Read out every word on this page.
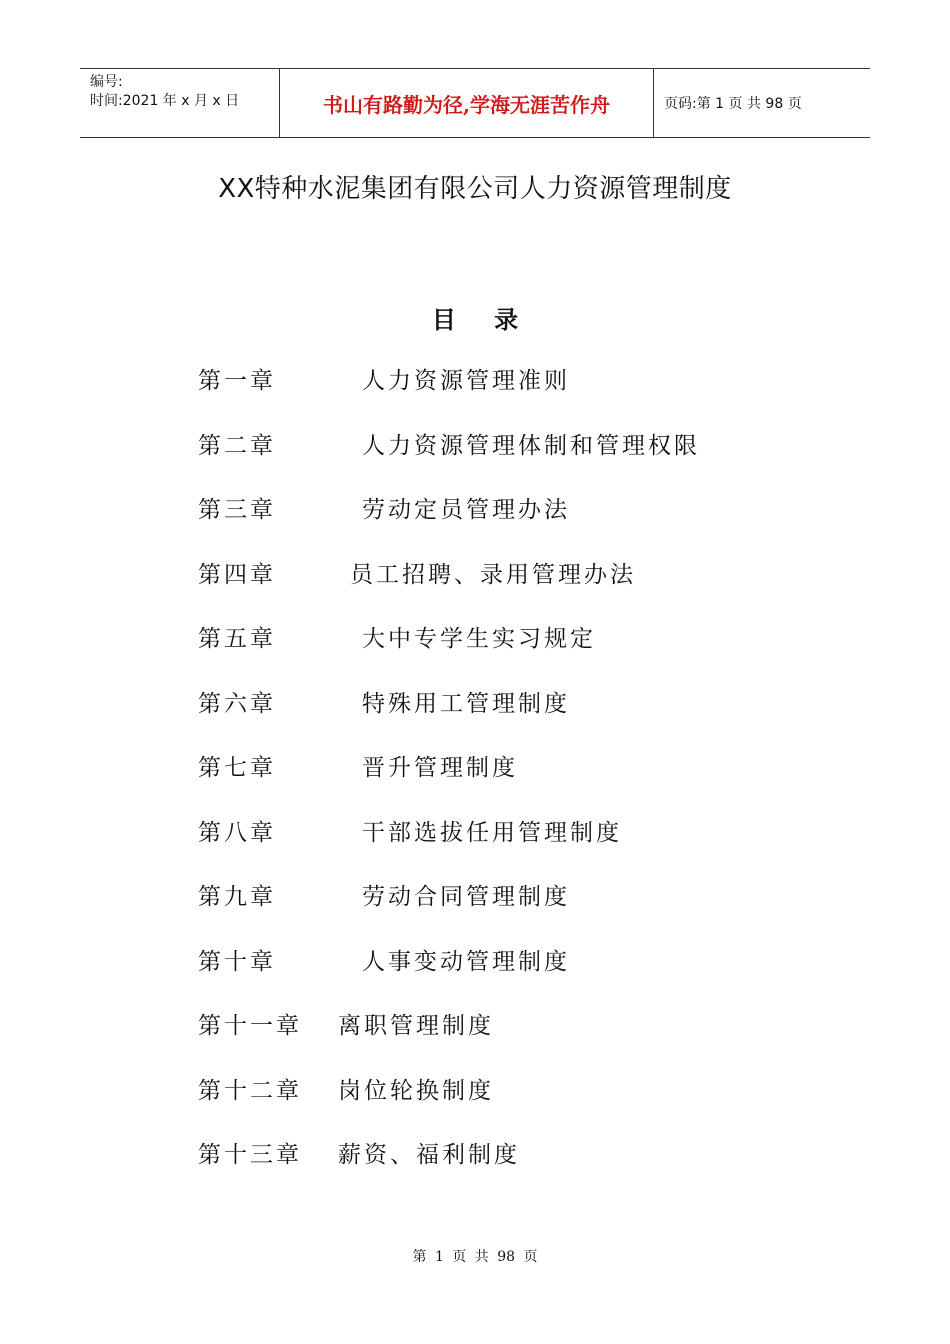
编号:
时间:2021 年 x 月 x 日	书山有路勤为径,学海无涯苦作舟	页码:第 1 页 共 98 页
XX特种水泥集团有限公司人力资源管理制度
目 录
第一章	人力资源管理准则
第二章	人力资源管理体制和管理权限
第三章	劳动定员管理办法
第四章	员工招聘、录用管理办法
第五章	大中专学生实习规定
第六章	特殊用工管理制度
第七章	晋升管理制度
第八章	干部选拔任用管理制度
第九章	劳动合同管理制度
第十章	人事变动管理制度
第十一章 离职管理制度
第十二章 岗位轮换制度
第十三章 薪资、福利制度
第 1 页 共 98 页
